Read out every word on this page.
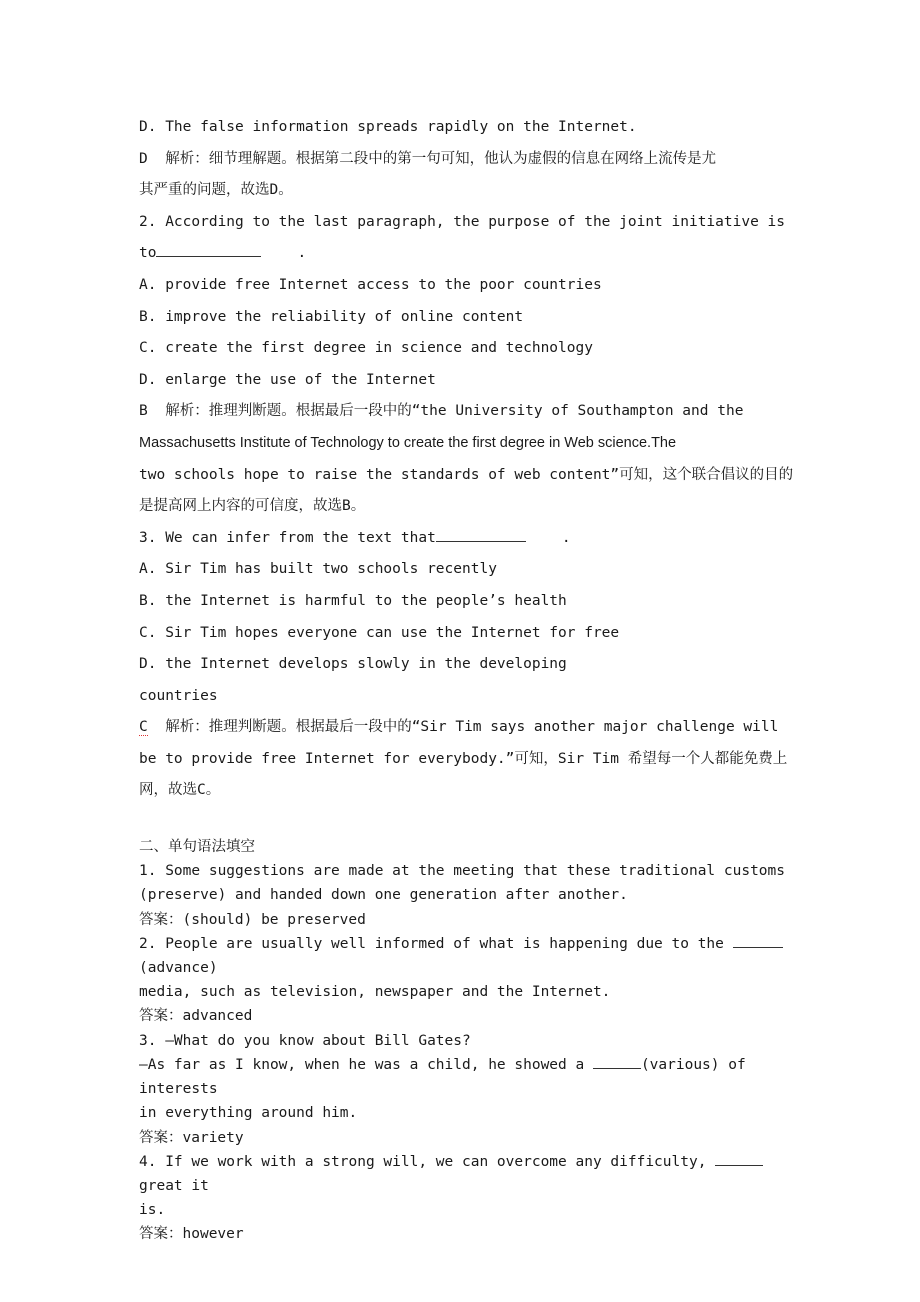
D. The false information spreads rapidly on the Internet.
D  解析：细节理解题。根据第二段中的第一句可知，他认为虚假的信息在网络上流传是尤
其严重的问题，故选D。
2. According to the last paragraph, the purpose of the joint initiative is
to	.
A. provide free Internet access to the poor countries
B. improve the reliability of online content
C. create the first degree in science and technology
D. enlarge the use of the Internet
B  解析：推理判断题。根据最后一段中的“the University of Southampton and the
Massachusetts Institute of Technology to create the first degree in Web science.The
two schools hope to raise the standards of web content”可知，这个联合倡议的目的
是提高网上内容的可信度，故选B。
3. We can infer from the text that	.
A. Sir Tim has built two schools recently
B. the Internet is harmful to the people’s health
C. Sir Tim hopes everyone can use the Internet for free
D. the Internet develops slowly in the developing
countries
C  解析：推理判断题。根据最后一段中的“Sir Tim says another major challenge will
be to provide free Internet for everybody.”可知，Sir Tim 希望每一个人都能免费上
网，故选C。
二、单句语法填空
1. Some suggestions are made at the meeting that these traditional customs
(preserve) and handed down one generation after another.
答案：(should) be preserved
2. People are usually well informed of what is happening due to the (advance)
media, such as television, newspaper and the Internet.
答案：advanced
3. —What do you know about Bill Gates?
—As far as I know, when he was a child, he showed a	(various) of interests
in everything around him.
答案：variety
4. If we work with a strong will, we can overcome any difficulty,	great it
is.
答案：however
